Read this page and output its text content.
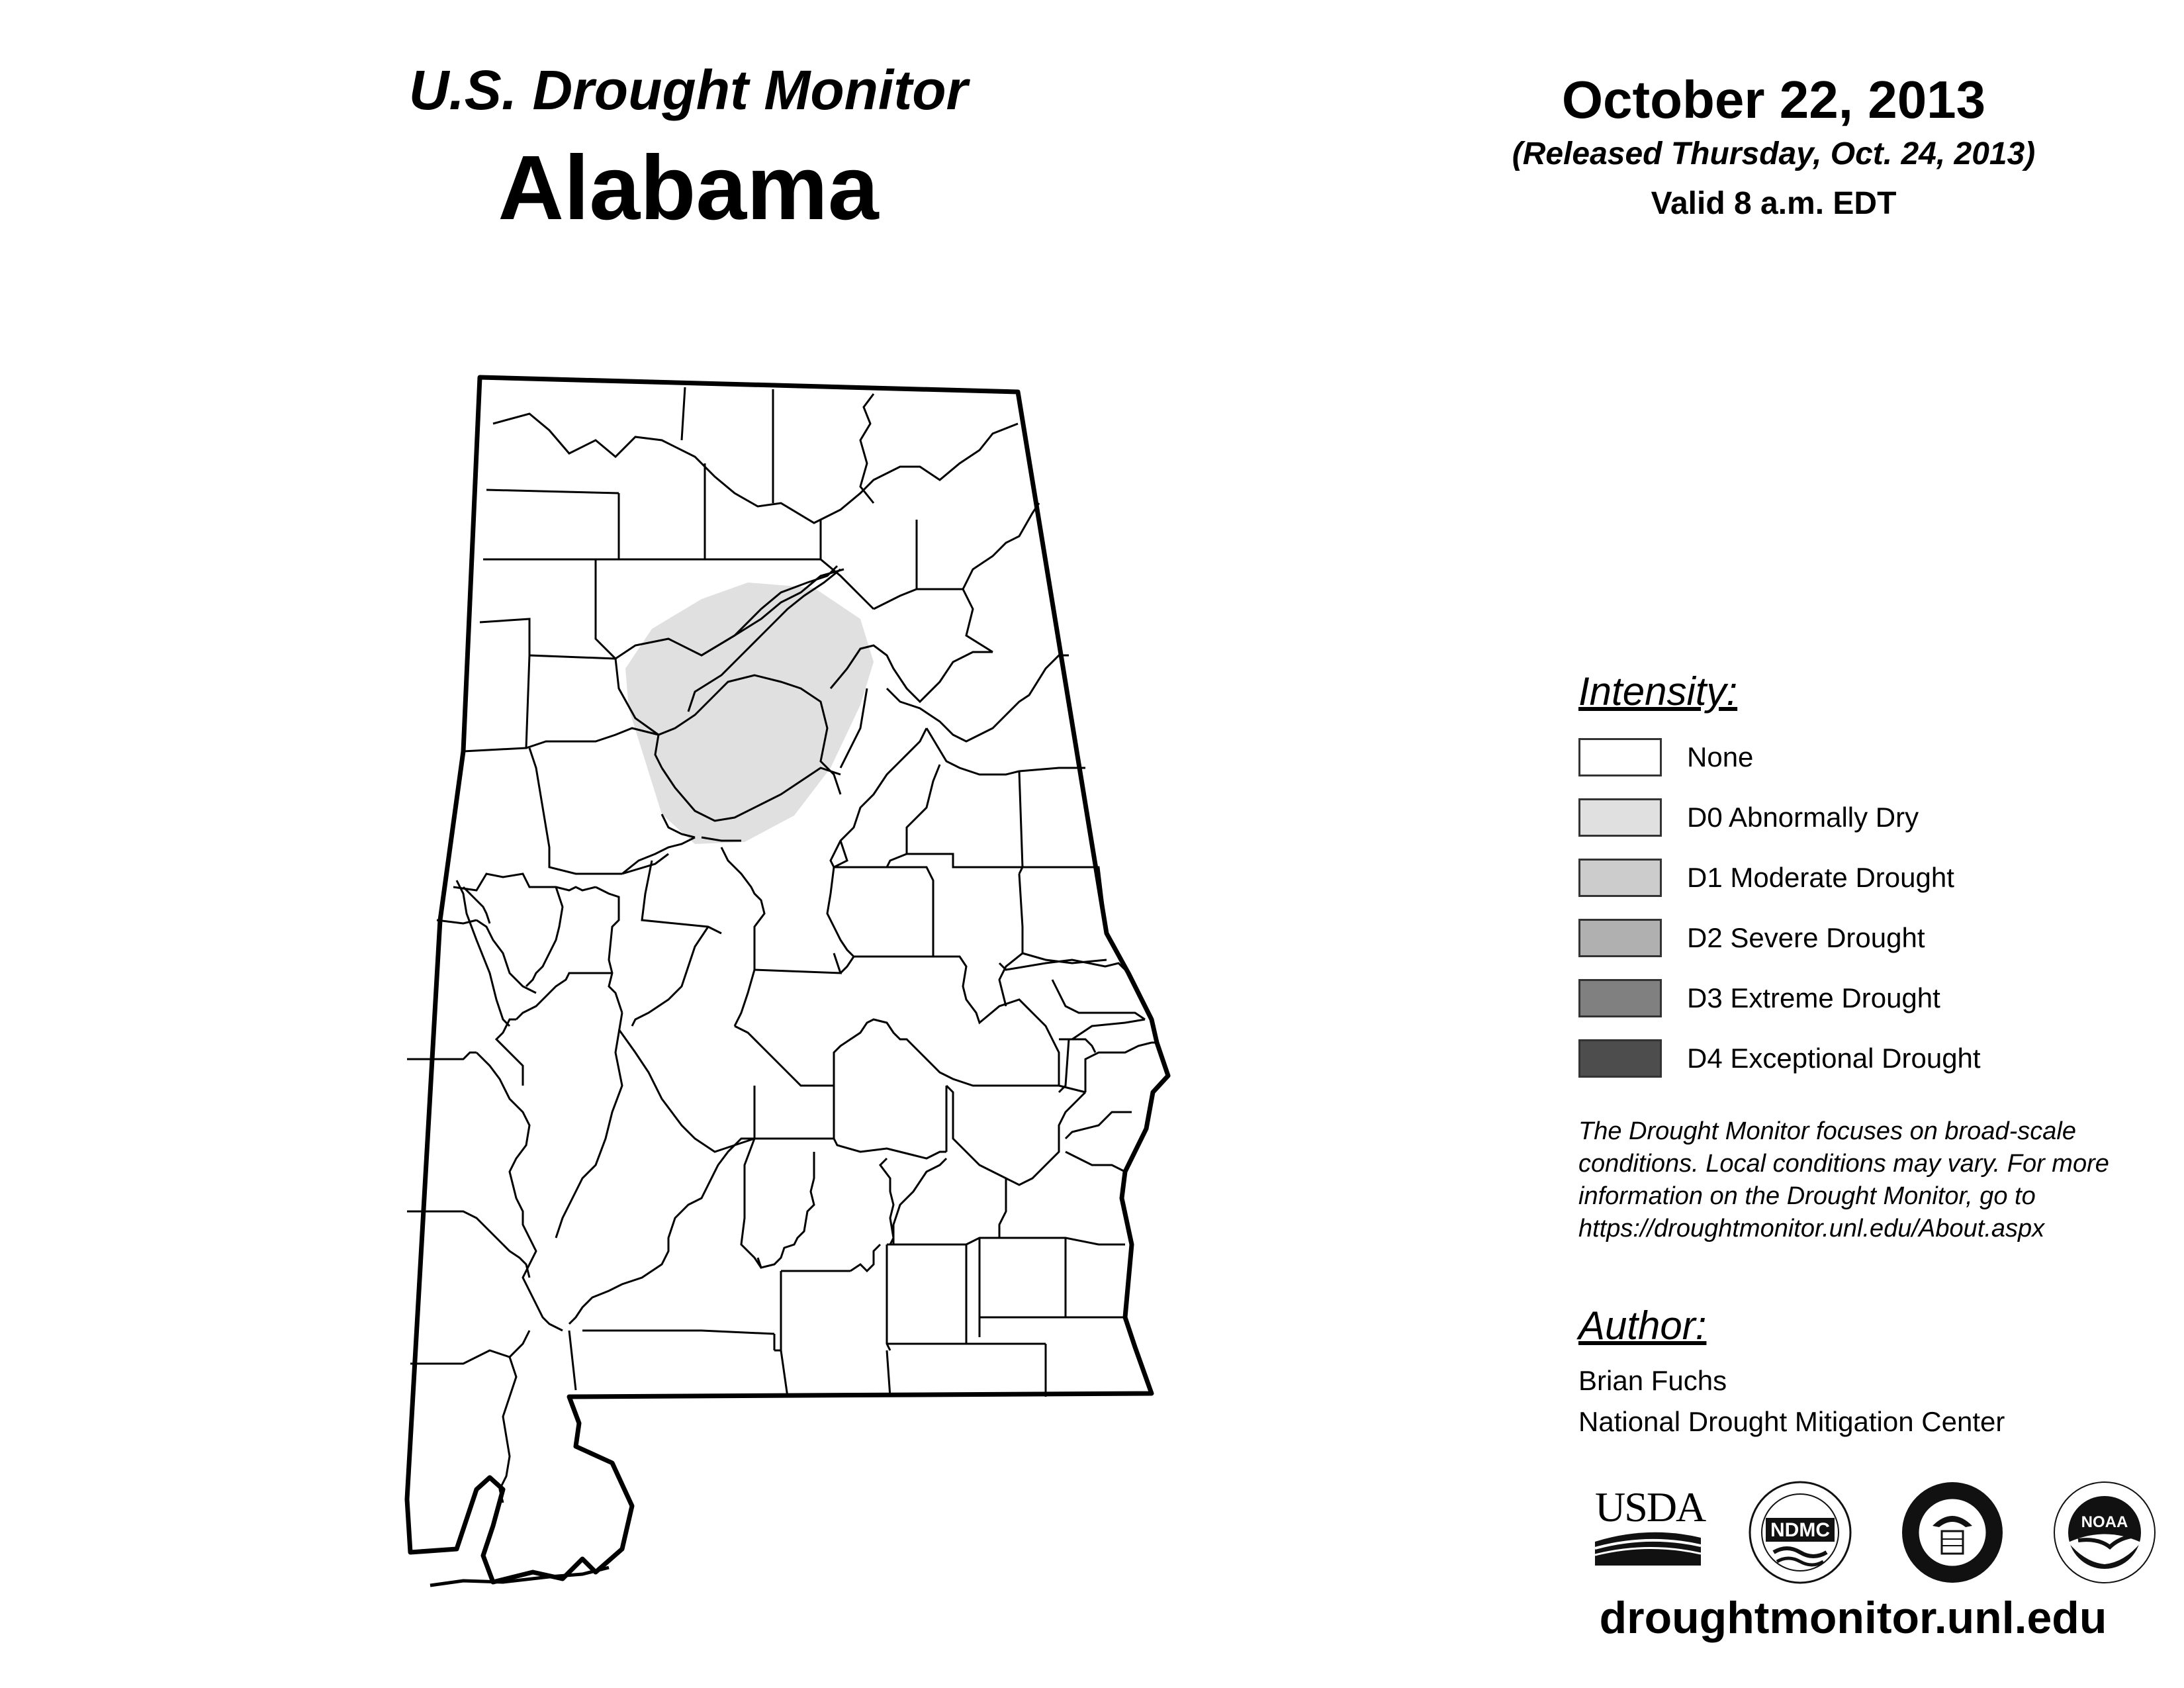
U.S. Drought Monitor
Alabama
October 22, 2013
(Released Thursday, Oct. 24, 2013)
Valid 8 a.m. EDT
Intensity:
None
D0 Abnormally Dry
D1 Moderate Drought
D2 Severe Drought
D3 Extreme Drought
D4 Exceptional Drought
The Drought Monitor focuses on broad-scale
conditions. Local conditions may vary. For more
information on the Drought Monitor, go to
https://droughtmonitor.unl.edu/About.aspx
Author:
Brian Fuchs
National Drought Mitigation Center
USDA	NDMC	NOAA
droughtmonitor.unl.edu
